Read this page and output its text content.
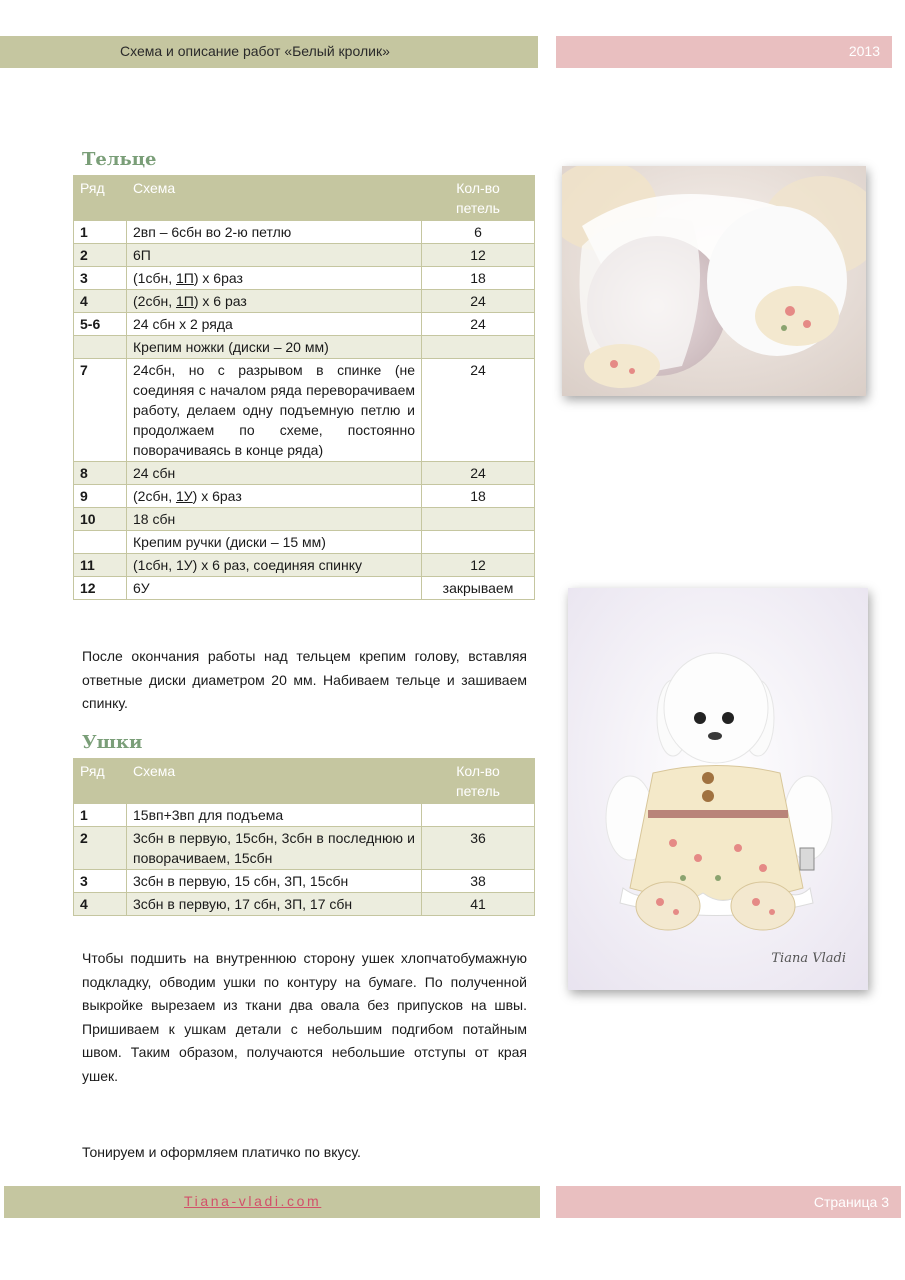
Схема и описание работ «Белый кролик»	2013
Тельце
Ряд	Схема	Кол-во
петель
1	2вп – 6сбн во 2-ю петлю	6
2	6П	12
3	(1сбн, 1П) х 6раз	18
4	(2сбн, 1П) х 6 раз	24
5-6	24 сбн х 2 ряда	24
	Крепим ножки (диски – 20 мм)	
7	24сбн, но с разрывом в спинке (не соединяя с началом ряда переворачиваем работу, делаем одну подъемную петлю и продолжаем по схеме, постоянно поворачиваясь в конце ряда)	24
8	24 сбн	24
9	(2сбн, 1У) х 6раз	18
10	18 сбн	
	Крепим ручки (диски – 15 мм)	
11	(1сбн, 1У) х 6 раз, соединяя спинку	12
12	6У	закрываем

После окончания работы над тельцем крепим голову, вставляя ответные диски диаметром 20 мм. Набиваем тельце и зашиваем спинку.

Ушки
Ряд	Схема	Кол-во
петель
1	15вп+3вп для подъема	
2	3сбн в первую, 15сбн, 3сбн в последнюю и поворачиваем, 15сбн	36
3	3сбн в первую, 15 сбн, 3П, 15сбн	38
4	3сбн в первую, 17 сбн, 3П, 17 сбн	41

Чтобы подшить на внутреннюю сторону ушек хлопчатобумажную подкладку, обводим ушки по контуру на бумаге. По полученной выкройке вырезаем из ткани два овала без припусков на швы. Пришиваем к ушкам детали с небольшим подгибом потайным швом. Таким образом, получаются небольшие отступы от края ушек.

Тонируем и оформляем платичко по вкусу.

Tiana Vladi
Tiana-vladi.com	Страница 3
